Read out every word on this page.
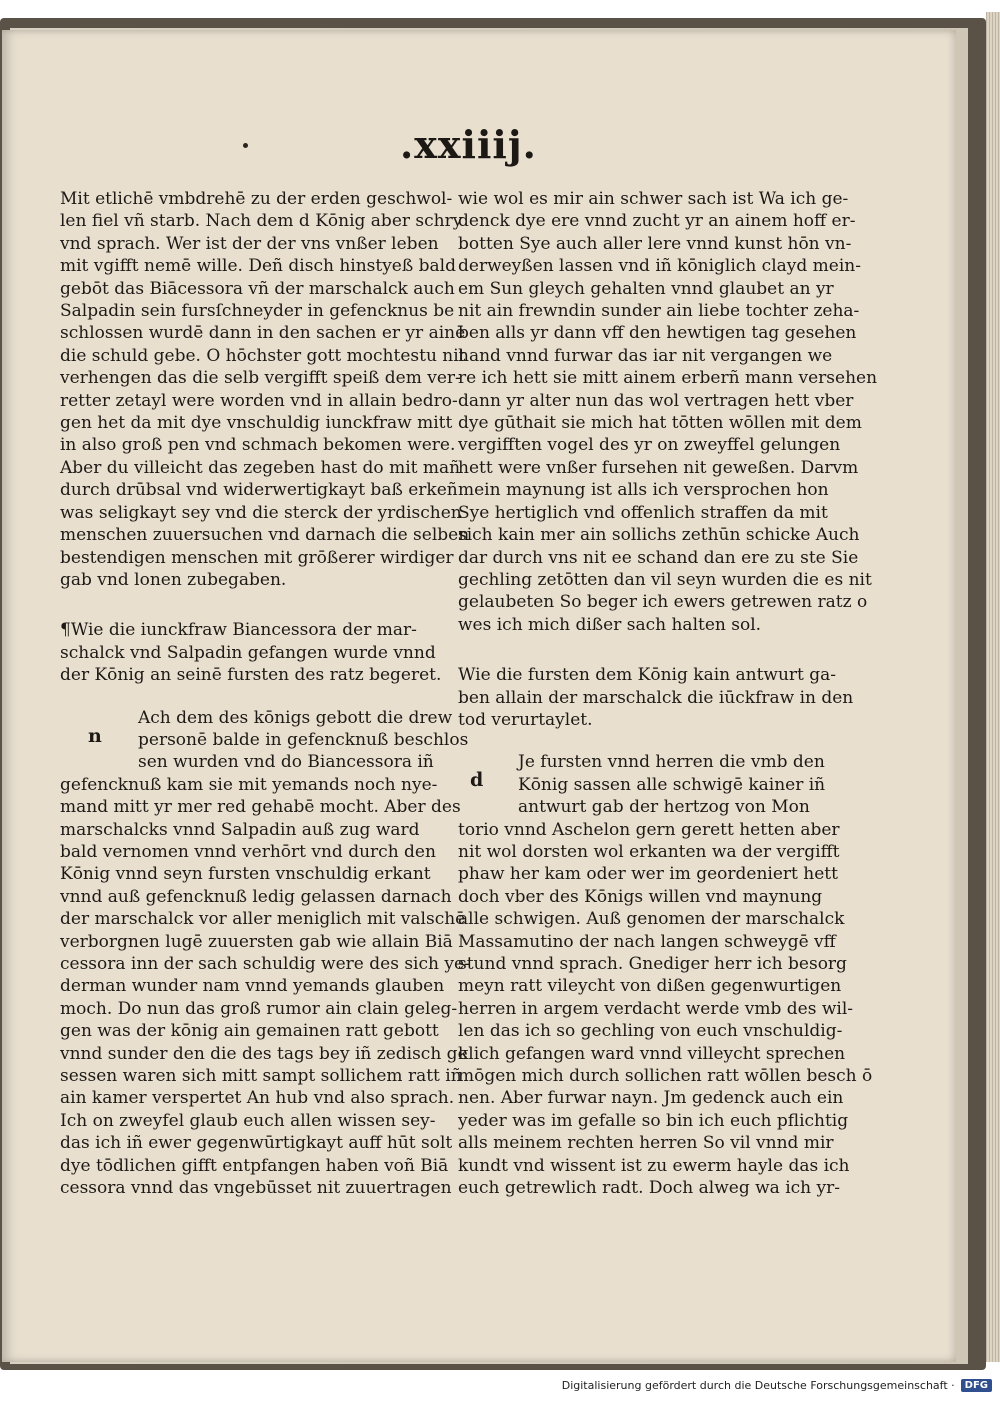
.xxiiij.
Mit etlichē vmbdrehē zu der erden geschwol-
len fiel vñ starb. Nach dem d Kōnig aber schry
vnd sprach. Wer ist der der vns vnßer leben
mit vgifft nemē wille. Deñ disch hinstyeß bald
gebōt das Biācessora vñ der marschalck auch
Salpadin sein fursſchneyder in gefencknus be
schlossen wurdē dann in den sachen er yr ainē
die schuld gebe. O hōchster gott mochtestu nit
verhengen das die selb vergifft speiß dem ver-
retter zetayl were worden vnd in allain bedro-
gen het da mit dye vnschuldig iunckfraw mitt
in also groß pen vnd schmach bekomen were.
Aber du villeicht das zegeben hast do mit mañ
durch drūbsal vnd widerwertigkayt baß erkeñ
was seligkayt sey vnd die sterck der yrdischen
menschen zuuersuchen vnd darnach die selben
bestendigen menschen mit grōßerer wirdiger
gab vnd lonen zubegaben.
¶Wie die iunckfraw Biancessora der mar-
schalck vnd Salpadin gefangen wurde vnnd
der Kōnig an seinē fursten des ratz begeret.
n
Ach dem des kōnigs gebott die drew
personē balde in gefencknuß beschlos
sen wurden vnd do Biancessora iñ
gefencknuß kam sie mit yemands noch nye-
mand mitt yr mer red gehabē mocht. Aber des
marschalcks vnnd Salpadin auß zug ward
bald vernomen vnnd verhōrt vnd durch den
Kōnig vnnd seyn fursten vnschuldig erkant
vnnd auß gefencknuß ledig gelassen darnach
der marschalck vor aller meniglich mit valschē
verborgnen lugē zuuersten gab wie allain Biā
cessora inn der sach schuldig were des sich ye-
derman wunder nam vnnd yemands glauben
moch. Do nun das groß rumor ain clain geleg-
gen was der kōnig ain gemainen ratt gebott
vnnd sunder den die des tags bey iñ zedisch ge
sessen waren sich mitt sampt sollichem ratt iñ
ain kamer verspertet An hub vnd also sprach.
Ich on zweyfel glaub euch allen wissen sey-
das ich iñ ewer gegenwūrtigkayt auff hūt solt
dye tōdlichen gifft entpfangen haben voñ Biā
cessora vnnd das vngebūsset nit zuuertragen
wie wol es mir ain schwer sach ist Wa ich ge-
denck dye ere vnnd zucht yr an ainem hoff er-
botten Sye auch aller lere vnnd kunst hōn vn-
derweyßen lassen vnd iñ kōniglich clayd mein-
em Sun gleych gehalten vnnd glaubet an yr
nit ain frewndin sunder ain liebe tochter zeha-
ben alls yr dann vff den hewtigen tag gesehen
hand vnnd furwar das iar nit vergangen we
re ich hett sie mitt ainem erberñ mann versehen
dann yr alter nun das wol vertragen hett vber
dye gūthait sie mich hat tōtten wōllen mit dem
vergifften vogel des yr on zweyffel gelungen
hett were vnßer fursehen nit geweßen. Darvm
mein maynung ist alls ich versprochen hon
Sye hertiglich vnd offenlich straffen da mit
sich kain mer ain sollichs zethūn schicke Auch
dar durch vns nit ee schand dan ere zu ste Sie
gechling zetōtten dan vil seyn wurden die es nit
gelaubeten So beger ich ewers getrewen ratz o
wes ich mich dißer sach halten sol.
Wie die fursten dem Kōnig kain antwurt ga-
ben allain der marschalck die iūckfraw in den
tod verurtaylet.
d
Je fursten vnnd herren die vmb den
Kōnig sassen alle schwigē kainer iñ
antwurt gab der hertzog von Mon
torio vnnd Aschelon gern gerett hetten aber
nit wol dorsten wol erkanten wa der vergifft
phaw her kam oder wer im geordeniert hett
doch vber des Kōnigs willen vnd maynung
alle schwigen. Auß genomen der marschalck
Massamutino der nach langen schweygē vff
stund vnnd sprach. Gnediger herr ich besorg
meyn ratt vileycht von dißen gegenwurtigen
herren in argem verdacht werde vmb des wil-
len das ich so gechling von euch vnschuldig-
klich gefangen ward vnnd villeycht sprechen
mōgen mich durch sollichen ratt wōllen besch ō
nen. Aber furwar nayn. Jm gedenck auch ein
yeder was im gefalle so bin ich euch pflichtig
alls meinem rechten herren So vil vnnd mir
kundt vnd wissent ist zu ewerm hayle das ich
euch getrewlich radt. Doch alweg wa ich yr-
Digitalisierung gefördert durch die Deutsche Forschungsgemeinschaft ·	DFG
